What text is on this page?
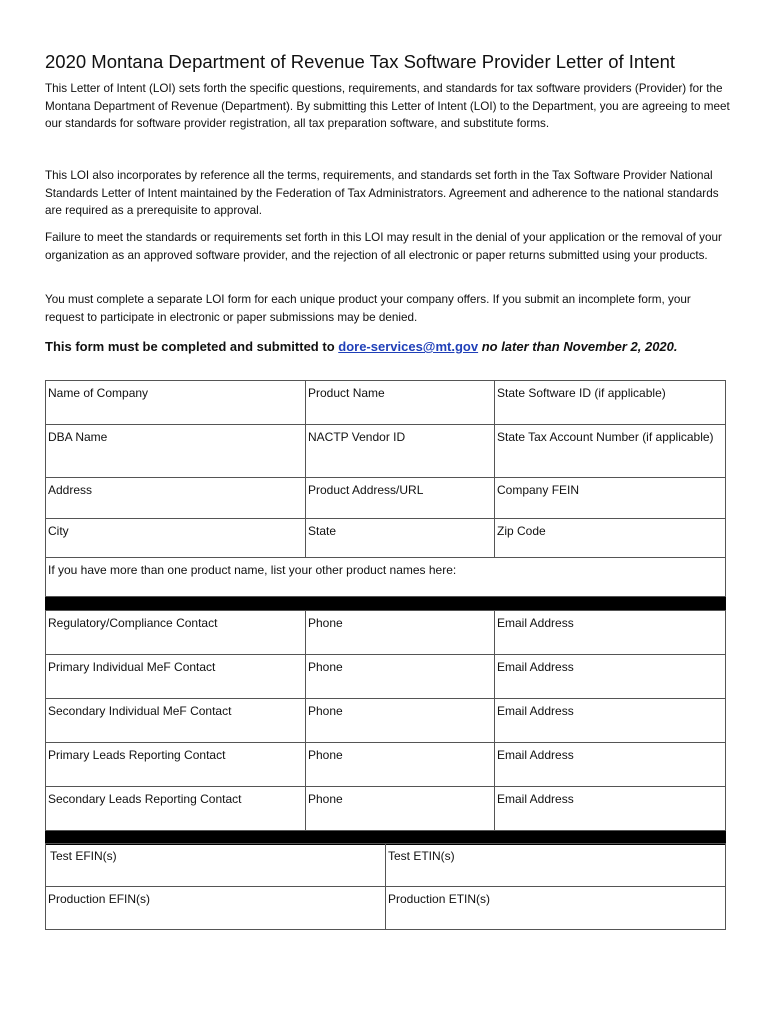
2020 Montana Department of Revenue Tax Software Provider Letter of Intent

This Letter of Intent (LOI) sets forth the specific questions, requirements, and standards for tax software providers (Provider) for the Montana Department of Revenue (Department). By submitting this Letter of Intent (LOI) to the Department, you are agreeing to meet our standards for software provider registration, all tax preparation software, and substitute forms.

This LOI also incorporates by reference all the terms, requirements, and standards set forth in the Tax Software Provider National Standards Letter of Intent maintained by the Federation of Tax Administrators. Agreement and adherence to the national standards are required as a prerequisite to approval.

Failure to meet the standards or requirements set forth in this LOI may result in the denial of your application or the removal of your organization as an approved software provider, and the rejection of all electronic or paper returns submitted using your products.

You must complete a separate LOI form for each unique product your company offers. If you submit an incomplete form, your request to participate in electronic or paper submissions may be denied.

This form must be completed and submitted to dore-services@mt.gov no later than November 2, 2020.
Name of Company	Product Name	State Software ID (if applicable)
DBA Name	NACTP Vendor ID	State Tax Account Number (if applicable)
Address	Product Address/URL	Company FEIN
City	State	Zip Code
If you have more than one product name, list your other product names here:		

Regulatory/Compliance Contact	Phone	Email Address
Primary Individual MeF Contact	Phone	Email Address
Secondary Individual MeF Contact	Phone	Email Address
Primary Leads Reporting Contact	Phone	Email Address
Secondary Leads Reporting Contact	Phone	Email Address

Test EFIN(s)	Test ETIN(s)
Production EFIN(s)	Production ETIN(s)
